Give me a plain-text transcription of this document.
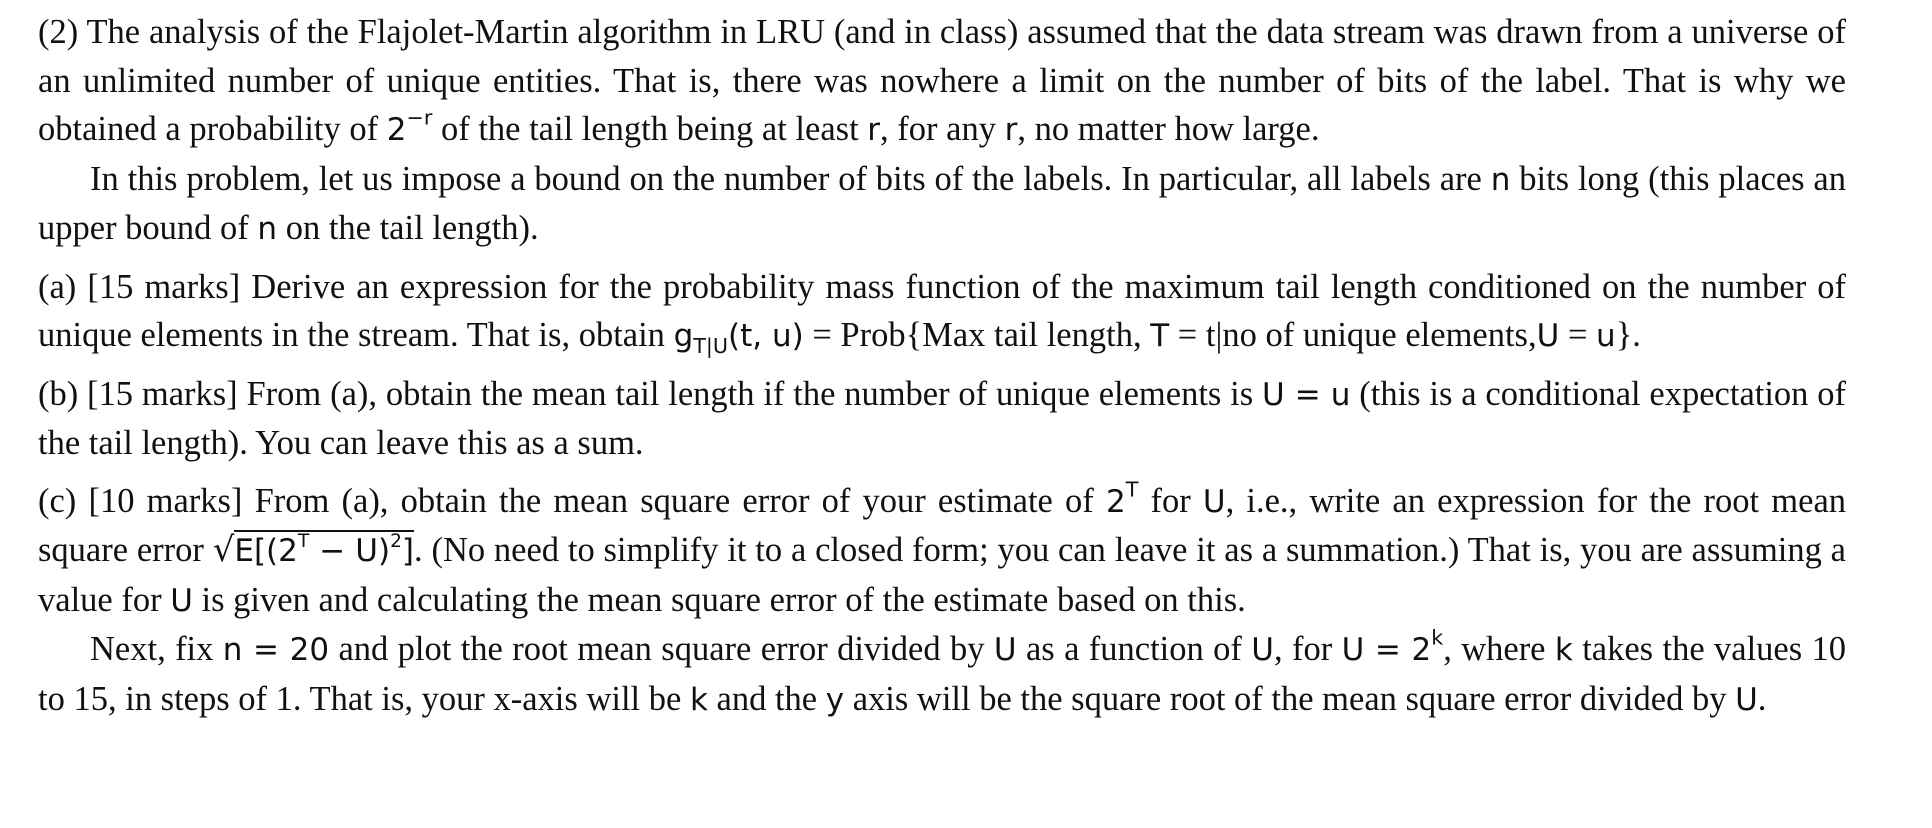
(2) The analysis of the Flajolet-Martin algorithm in LRU (and in class) assumed that the data stream was drawn from a universe of an unlimited number of unique entities. That is, there was nowhere a limit on the number of bits of the label. That is why we obtained a probability of $2^{-r}$ of the tail length being at least r, for any r, no matter how large.

In this problem, let us impose a bound on the number of bits of the labels. In particular, all labels are n bits long (this places an upper bound of n on the tail length).

(a) [15 marks] Derive an expression for the probability mass function of the maximum tail length conditioned on the number of unique elements in the stream. That is, obtain $g_{T|U}(t$, u) = Prob{Max tail length, T = t|no of unique elements,U = u}.

(b) [15 marks] From (a), obtain the mean tail length if the number of unique elements is U = u (this is a conditional expectation of the tail length). You can leave this as a sum.

(c) [10 marks] From (a), obtain the mean square error of your estimate of $2^T$ for U, i.e., write an expression for the root mean square error $√E[(2^T - U)^2]$. (No need to simplify it to a closed form; you can leave it as a summation.) That is, you are assuming a value for U is given and calculating the mean square error of the estimate based on this.

Next, fix n = 20 and plot the root mean square error divided by U as a function of U, for $U = 2^k$, where k takes the values 10 to 15, in steps of 1. That is, your x-axis will be k and the y axis will be the square root of the mean square error divided by U.
